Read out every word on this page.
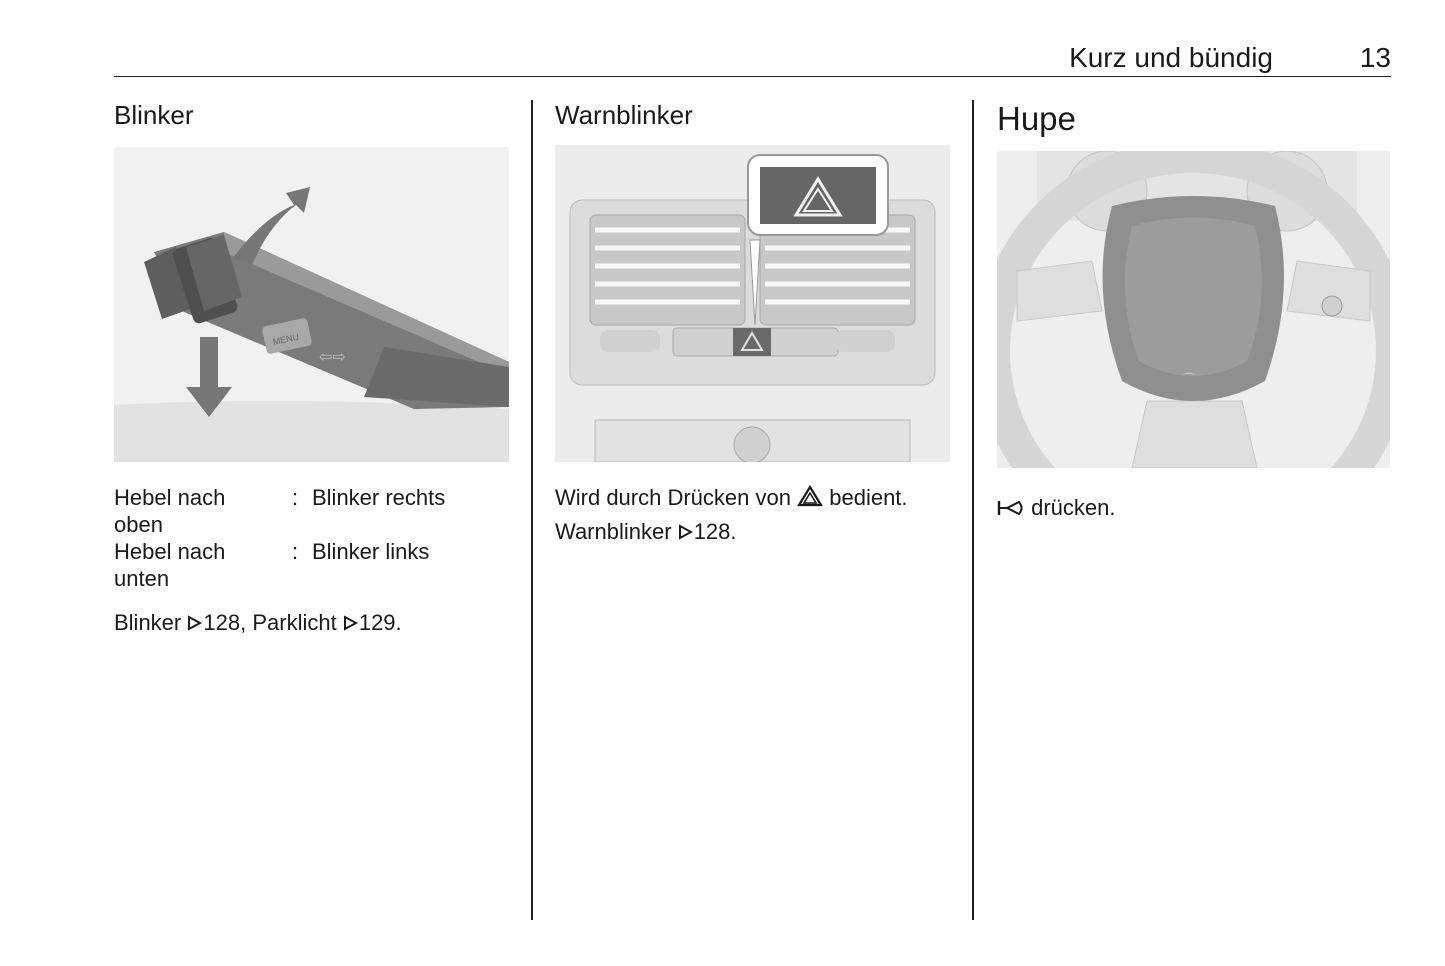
Kurz und bündig	13
Blinker
MENU
⇦⇨
Hebel nach
oben
: Blinker rechts
Hebel nach
unten
: Blinker links
Blinker 128, Parklicht 129.
Warnblinker
Wird durch Drücken von bedient.
Warnblinker 128.
Hupe
⌒
drücken.
